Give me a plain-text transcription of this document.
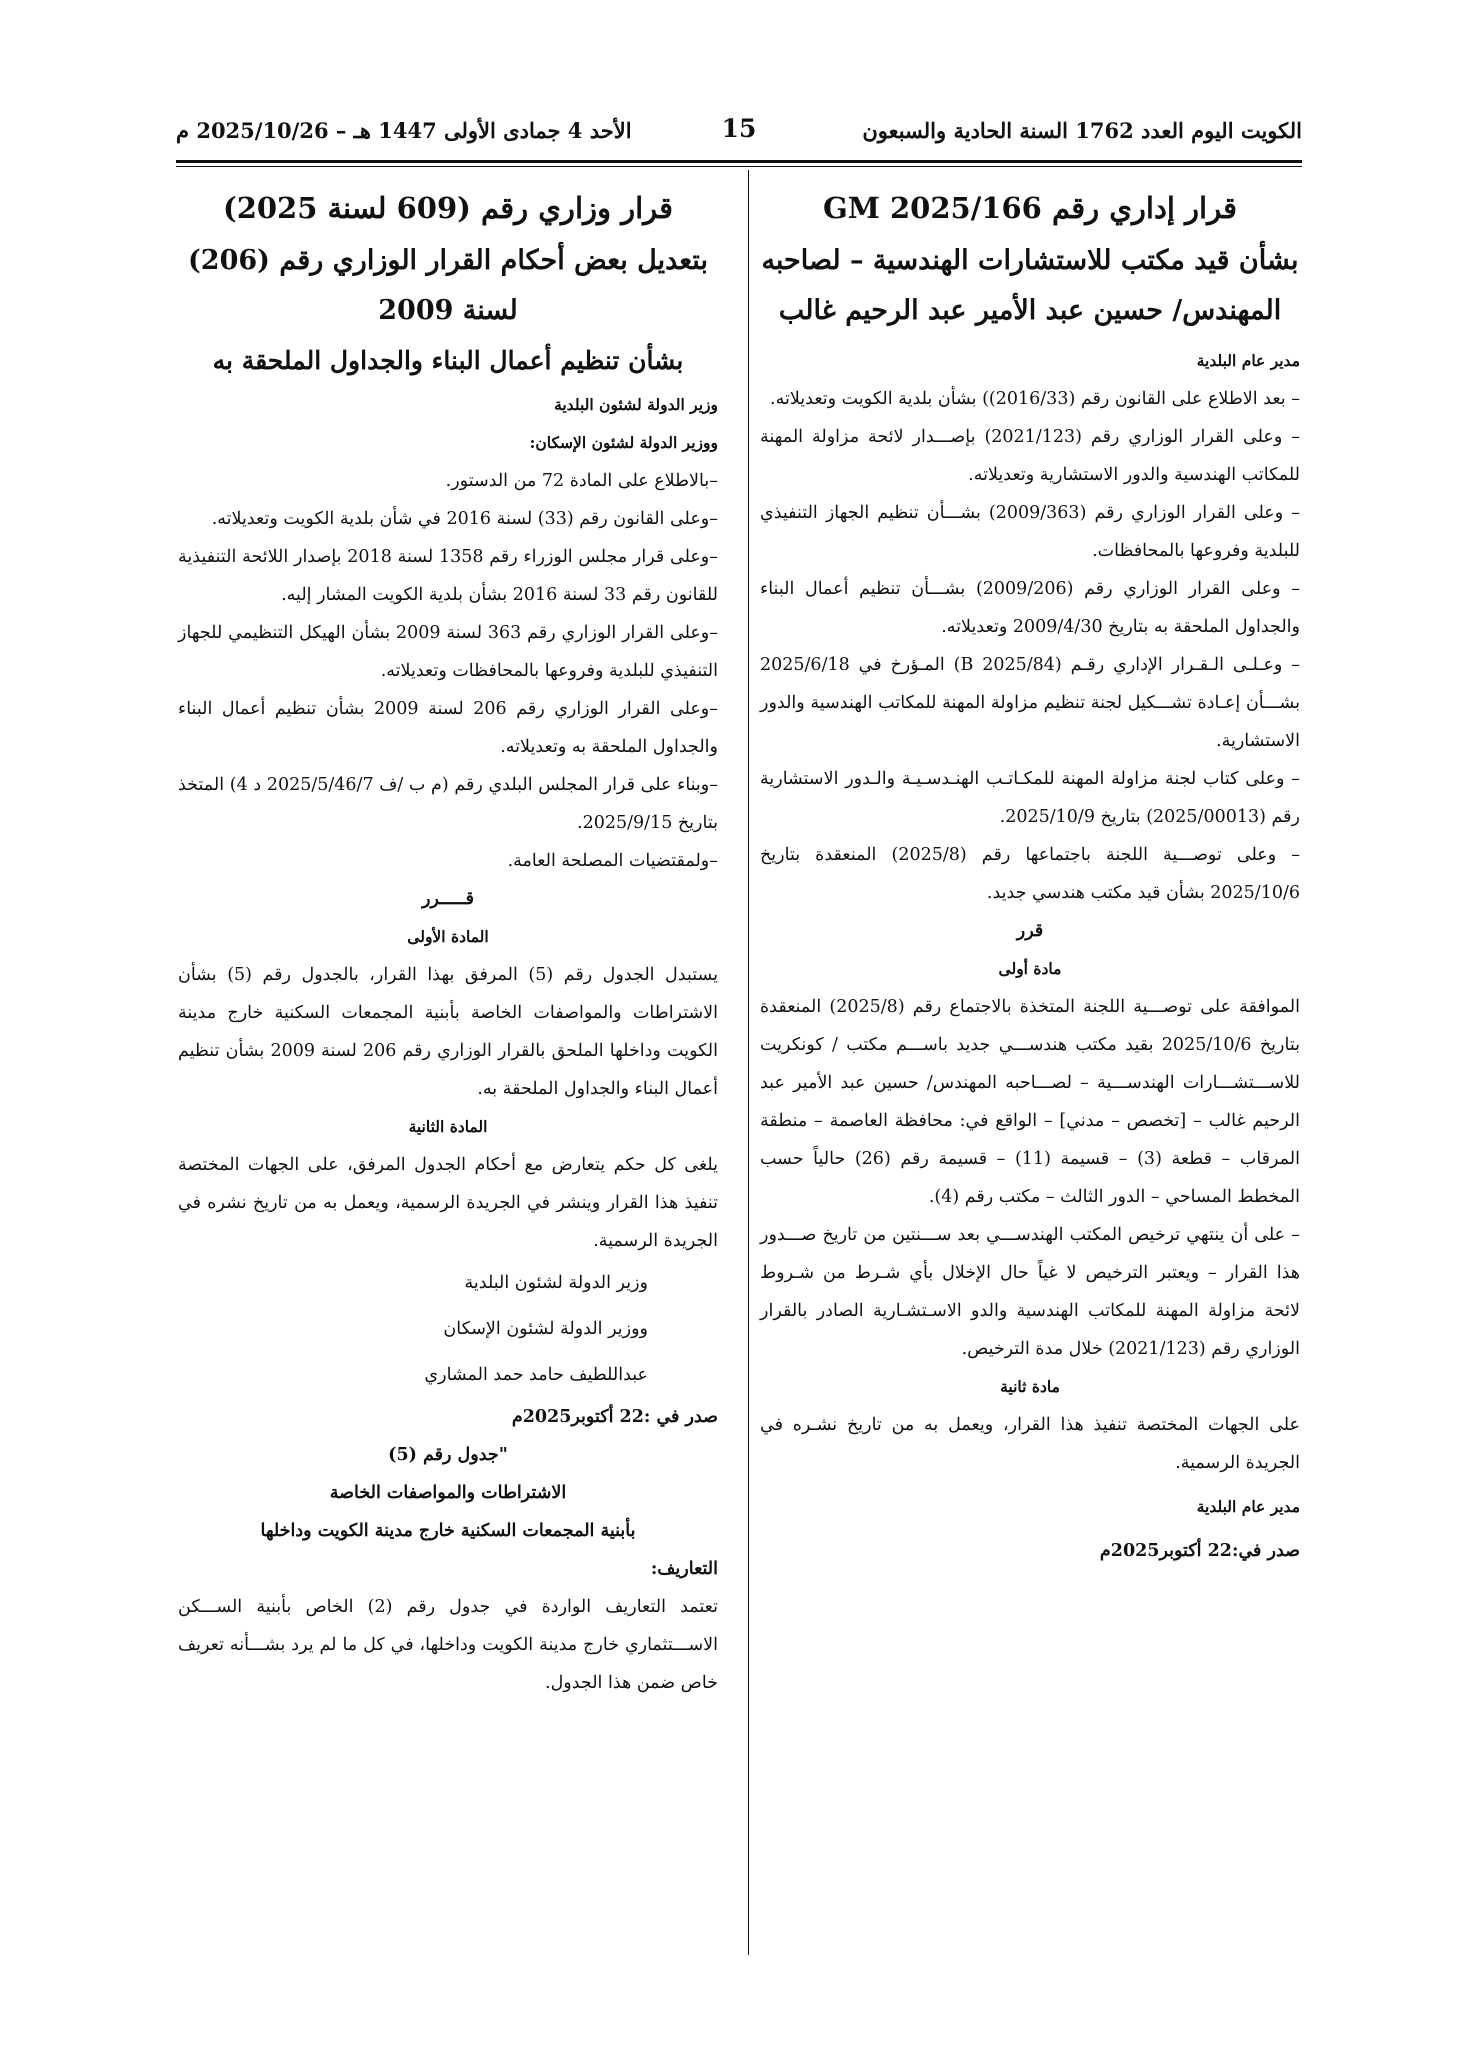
الكويت اليوم العدد 1762 السنة الحادية والسبعون
15
الأحد 4 جمادى الأولى 1447 هـ – 2025/10/26 م

قرار إداري رقم GM 2025/166

بشأن قيد مكتب للاستشارات الهندسية – لصاحبه

المهندس/ حسين عبد الأمير عبد الرحيم غالب

مدير عام البلدية

– بعد الاطلاع على القانون رقم (2016/33)) بشأن بلدية الكويت وتعديلاته.

– وعلى القرار الوزاري رقم (2021/123) بإصـــدار لائحة مزاولة المهنة للمكاتب الهندسية والدور الاستشارية وتعديلاته.

– وعلى القرار الوزاري رقم (2009/363) بشـــأن تنظيم الجهاز التنفيذي للبلدية وفروعها بالمحافظات.

– وعلى القرار الوزاري رقم (2009/206) بشـــأن تنظيم أعمال البناء والجداول الملحقة به بتاريخ 2009/4/30 وتعديلاته.

– وعـلـى الـقـرار الإداري رقـم (B 2025/84) المـؤرخ في 2025/6/18 بشـــأن إعـادة تشـــكيل لجنة تنظيم مزاولة المهنة للمكاتب الهندسية والدور الاستشارية.

– وعلى كتاب لجنة مزاولة المهنة للمكـاتـب الهنـدسـيـة والـدور الاستشارية رقم (2025/00013) بتاريخ 2025/10/9.

– وعلى توصـــية اللجنة باجتماعها رقم (2025/8) المنعقدة بتاريخ 2025/10/6 بشأن قيد مكتب هندسي جديد.

قرر

مادة أولى

الموافقة على توصـــية اللجنة المتخذة بالاجتماع رقم (2025/8) المنعقدة بتاريخ 2025/10/6 بقيد مكتب هندســـي جديد باســـم مكتب / كونكريت للاســـتشـــارات الهندســـية – لصـــاحبه المهندس/ حسين عبد الأمير عبد الرحيم غالب – [تخصص – مدني] – الواقع في: محافظة العاصمة – منطقة المرقاب – قطعة (3) – قسيمة (11) – قسيمة رقم (26) حالياً حسب المخطط المساحي – الدور الثالث – مكتب رقم (4).

– على أن ينتهي ترخيص المكتب الهندســـي بعد ســـنتين من تاريخ صـــدور هذا القرار – ويعتبر الترخيص لا غياً حال الإخلال بأي شـرط من شـروط لائحة مزاولة المهنة للمكاتب الهندسية والدو الاسـتشـارية الصادر بالقرار الوزاري رقم (2021/123) خلال مدة الترخيص.

مادة ثانية

على الجهات المختصة تنفيذ هذا القرار، ويعمل به من تاريخ نشـره في الجريدة الرسمية.

مدير عام البلدية

صدر في:22 أكتوبر2025م

قرار وزاري رقم (609 لسنة 2025)

بتعديل بعض أحكام القرار الوزاري رقم (206)

لسنة 2009

بشأن تنظيم أعمال البناء والجداول الملحقة به

وزير الدولة لشئون البلدية

ووزير الدولة لشئون الإسكان:

–بالاطلاع على المادة 72 من الدستور.

–وعلى القانون رقم (33) لسنة 2016 في شأن بلدية الكويت وتعديلاته.

–وعلى قرار مجلس الوزراء رقم 1358 لسنة 2018 بإصدار اللائحة التنفيذية للقانون رقم 33 لسنة 2016 بشأن بلدية الكويت المشار إليه.

–وعلى القرار الوزاري رقم 363 لسنة 2009 بشأن الهيكل التنظيمي للجهاز التنفيذي للبلدية وفروعها بالمحافظات وتعديلاته.

–وعلى القرار الوزاري رقم 206 لسنة 2009 بشأن تنظيم أعمال البناء والجداول الملحقة به وتعديلاته.

–وبناء على قرار المجلس البلدي رقم (م ب /ف 2025/5/46/7 د 4) المتخذ بتاريخ 2025/9/15.

–ولمقتضيات المصلحة العامة.

قـــــرر

المادة الأولى

يستبدل الجدول رقم (5) المرفق بهذا القرار، بالجدول رقم (5) بشأن الاشتراطات والمواصفات الخاصة بأبنية المجمعات السكنية خارج مدينة الكويت وداخلها الملحق بالقرار الوزاري رقم 206 لسنة 2009 بشأن تنظيم أعمال البناء والجداول الملحقة به.

المادة الثانية

يلغى كل حكم يتعارض مع أحكام الجدول المرفق، على الجهات المختصة تنفيذ هذا القرار وينشر في الجريدة الرسمية، ويعمل به من تاريخ نشره في الجريدة الرسمية.

وزير الدولة لشئون البلدية

ووزير الدولة لشئون الإسكان

عبداللطيف حامد حمد المشاري

صدر في :22 أكتوبر2025م

"جدول رقم (5)

الاشتراطات والمواصفات الخاصة

بأبنية المجمعات السكنية خارج مدينة الكويت وداخلها

التعاريف:

تعتمد التعاريف الواردة في جدول رقم (2) الخاص بأبنية الســـكن الاســـتثماري خارج مدينة الكويت وداخلها، في كل ما لم يرد بشـــأنه تعريف خاص ضمن هذا الجدول.
